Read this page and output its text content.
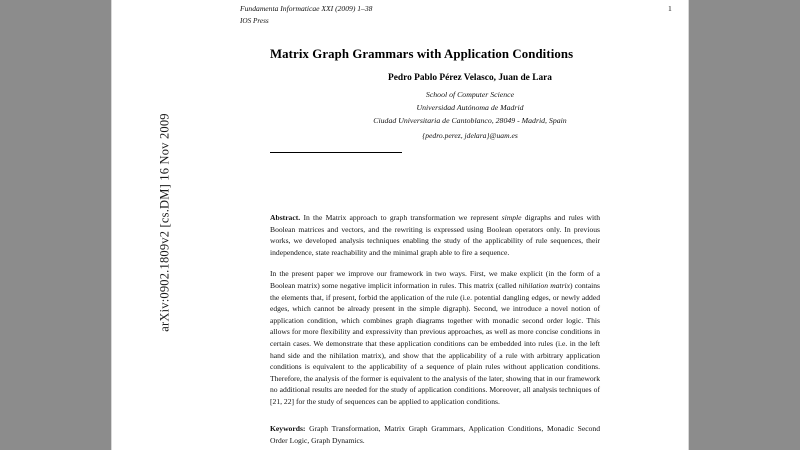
arXiv:0902.1809v2 [cs.DM] 16 Nov 2009
Fundamenta Informaticae XXI (2009) 1–38	1
IOS Press
Matrix Graph Grammars with Application Conditions
Pedro Pablo Pérez Velasco, Juan de Lara
School of Computer Science
Universidad Autónoma de Madrid
Ciudad Universitaria de Cantoblanco, 28049 - Madrid, Spain
{pedro.perez, jdelara}@uam.es

Abstract. In the Matrix approach to graph transformation we represent simple digraphs and rules with Boolean matrices and vectors, and the rewriting is expressed using Boolean operators only. In previous works, we developed analysis techniques enabling the study of the applicability of rule sequences, their independence, state reachability and the minimal graph able to fire a sequence.

In the present paper we improve our framework in two ways. First, we make explicit (in the form of a Boolean matrix) some negative implicit information in rules. This matrix (called nihilation matrix) contains the elements that, if present, forbid the application of the rule (i.e. potential dangling edges, or newly added edges, which cannot be already present in the simple digraph). Second, we introduce a novel notion of application condition, which combines graph diagrams together with monadic second order logic. This allows for more flexibility and expressivity than previous approaches, as well as more concise conditions in certain cases. We demonstrate that these application conditions can be embedded into rules (i.e. in the left hand side and the nihilation matrix), and show that the applicability of a rule with arbitrary application conditions is equivalent to the applicability of a sequence of plain rules without application conditions. Therefore, the analysis of the former is equivalent to the analysis of the later, showing that in our framework no additional results are needed for the study of application conditions. Moreover, all analysis techniques of [21, 22] for the study of sequences can be applied to application conditions.

Keywords: Graph Transformation, Matrix Graph Grammars, Application Conditions, Monadic Second Order Logic, Graph Dynamics.
